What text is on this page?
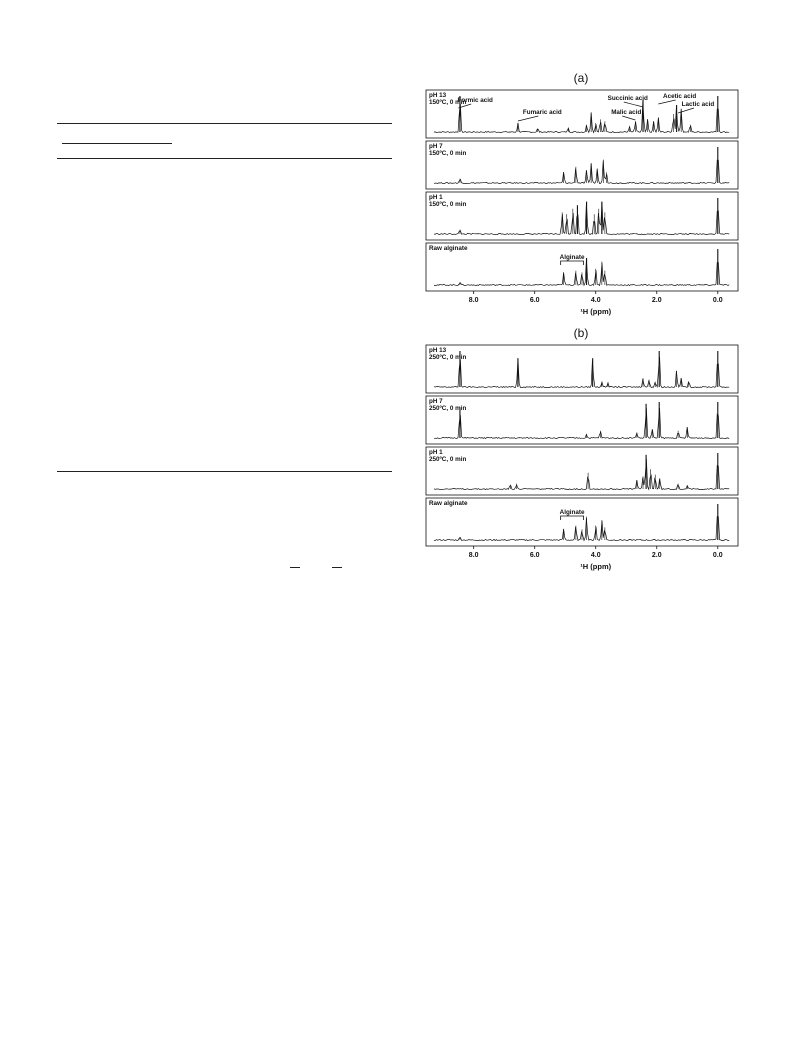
(a)
pH 13
150ºC, 0 min
Formic acid
Fumaric acid
Succinic acid
Malic acid
Acetic acid
Lactic acid
pH 7
150ºC, 0 min
pH 1
150ºC, 0 min
Raw alginate
Alginate
8.0	6.0	4.0	2.0	0.0
¹H (ppm)
(b)
pH 13
250ºC, 0 min
pH 7
250ºC, 0 min
pH 1
250ºC, 0 min
Raw alginate
Alginate
8.0	6.0	4.0	2.0	0.0
¹H (ppm)
